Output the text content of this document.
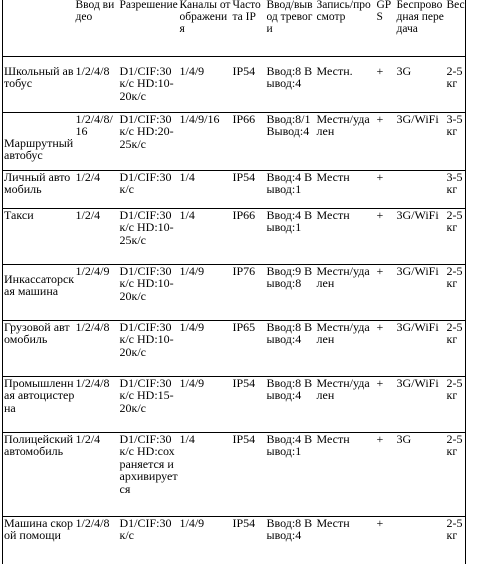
	Ввод видео	Разрешение	Каналы отображения	Частота IP	Ввод/вывод тревоги	Запись/просмотр	GPS	Беспроводная передача	Вес
Школьный автобус	1/2/4/8	D1/CIF:30к/с HD:10-20к/с	1/4/9	IP54	Ввод:8 Вывод:4	Местн.	+	3G	2-5кг
Маршрутный автобус	1/2/4/8/16	D1/CIF:30к/с HD:20-25к/с	1/4/9/16	IP66	Ввод:8/1 Вывод:4	Местн/удален	+	3G/WiFi	3-5кг
Личный автомобиль	1/2/4	D1/CIF:30к/с	1/4	IP54	Ввод:4 Вывод:1	Местн	+		3-5кг
Такси	1/2/4	D1/CIF:30к/с HD:10-25к/с	1/4	IP66	Ввод:4 Вывод:1	Местн	+	3G/WiFi	2-5кг
Инкассаторская машина	1/2/4/9	D1/CIF:30к/с HD:10-20к/с	1/4/9	IP76	Ввод:9 Вывод:8	Местн/удален	+	3G/WiFi	2-5кг
Грузовой автомобиль	1/2/4/8	D1/CIF:30к/с HD:10-20к/с	1/4/9	IP65	Ввод:8 Вывод:4	Местн/удален	+	3G/WiFi	2-5кг
Промышленная автоцистерна	1/2/4/8	D1/CIF:30к/с HD:15-20к/с	1/4/9	IP54	Ввод:8 Вывод:4	Местн/удален	+	3G/WiFi	2-5кг
Полицейский автомобиль	1/2/4	D1/CIF:30к/с HD:сохраняется и архивируется	1/4	IP54	Ввод:4 Вывод:1	Местн	+	3G	2-5кг
Машина скорой помощи	1/2/4/8	D1/CIF:30к/с	1/4/9	IP54	Ввод:8 Вывод:4	Местн	+		2-5кг
